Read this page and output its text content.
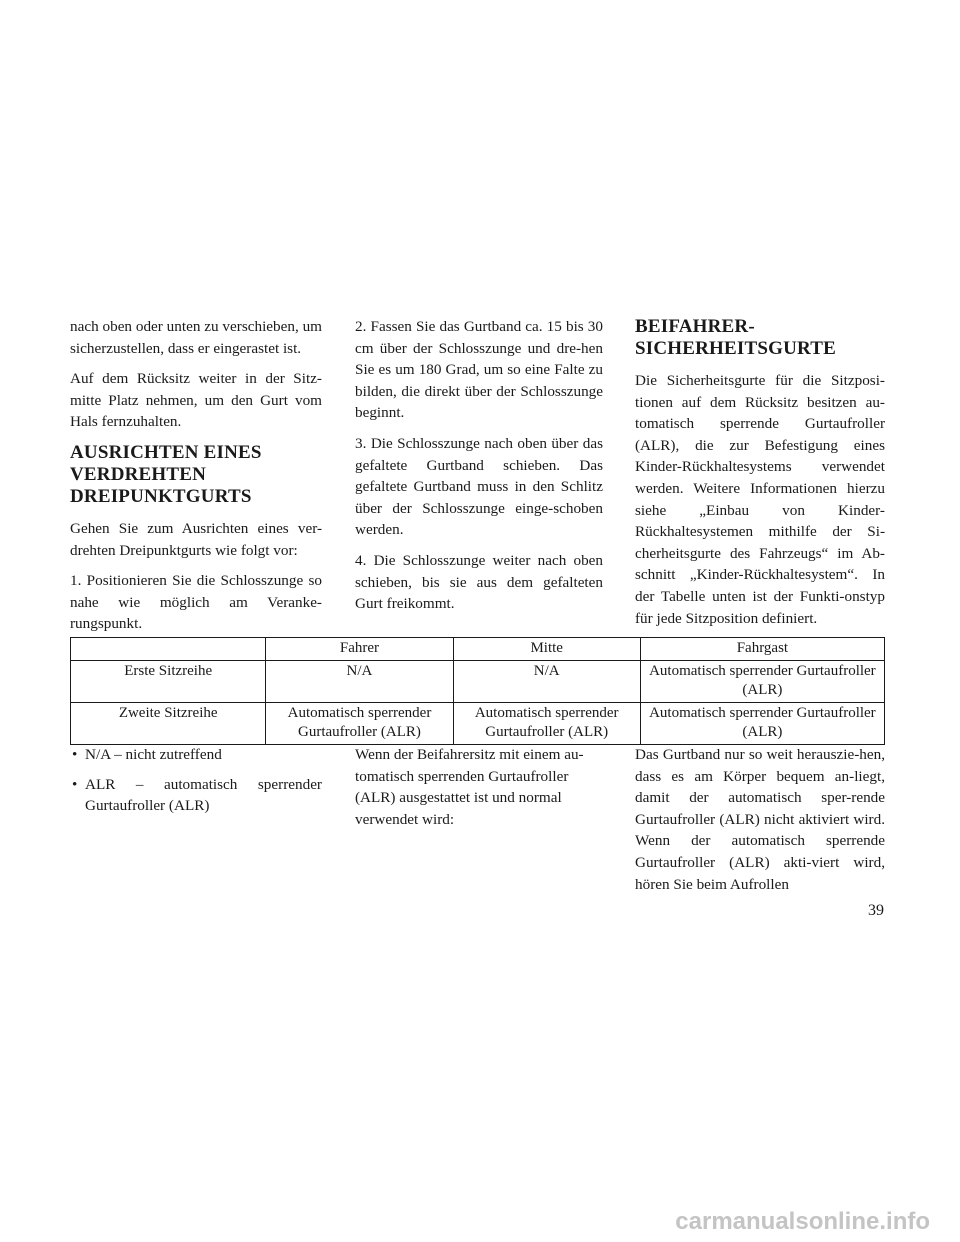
nach oben oder unten zu verschieben, um sicherzustellen, dass er eingerastet ist.

Auf dem Rücksitz weiter in der Sitz-mitte Platz nehmen, um den Gurt vom Hals fernzuhalten.

AUSRICHTEN EINES VERDREHTEN DREIPUNKTGURTS

Gehen Sie zum Ausrichten eines ver-drehten Dreipunktgurts wie folgt vor:

1. Positionieren Sie die Schlosszunge so nahe wie möglich am Veranke-rungspunkt.

2. Fassen Sie das Gurtband ca. 15 bis 30 cm über der Schlosszunge und dre-hen Sie es um 180 Grad, um so eine Falte zu bilden, die direkt über der Schlosszunge beginnt.

3. Die Schlosszunge nach oben über das gefaltete Gurtband schieben. Das gefaltete Gurtband muss in den Schlitz über der Schlosszunge einge-schoben werden.

4. Die Schlosszunge weiter nach oben schieben, bis sie aus dem gefalteten Gurt freikommt.

BEIFAHRER-SICHERHEITSGURTE

Die Sicherheitsgurte für die Sitzposi-tionen auf dem Rücksitz besitzen au-tomatisch sperrende Gurtaufroller (ALR), die zur Befestigung eines Kinder-Rückhaltesystems verwendet werden. Weitere Informationen hierzu siehe „Einbau von Kinder-Rückhaltesystemen mithilfe der Si-cherheitsgurte des Fahrzeugs“ im Ab-schnitt „Kinder-Rückhaltesystem“. In der Tabelle unten ist der Funkti-onstyp für jede Sitzposition definiert.

	Fahrer	Mitte	Fahrgast
Erste Sitzreihe	N/A	N/A	Automatisch sperrender Gurtaufroller (ALR)
Zweite Sitzreihe	Automatisch sperrender Gurtaufroller (ALR)	Automatisch sperrender Gurtaufroller (ALR)	Automatisch sperrender Gurtaufroller (ALR)
• N/A – nicht zutreffend
• ALR – automatisch sperrender Gurtaufroller (ALR)

Wenn der Beifahrersitz mit einem au-tomatisch sperrenden Gurtaufroller (ALR) ausgestattet ist und normal verwendet wird:

Das Gurtband nur so weit herauszie-hen, dass es am Körper bequem an-liegt, damit der automatisch sper-rende Gurtaufroller (ALR) nicht aktiviert wird. Wenn der automatisch sperrende Gurtaufroller (ALR) akti-viert wird, hören Sie beim Aufrollen

39
carmanualsonline.info
